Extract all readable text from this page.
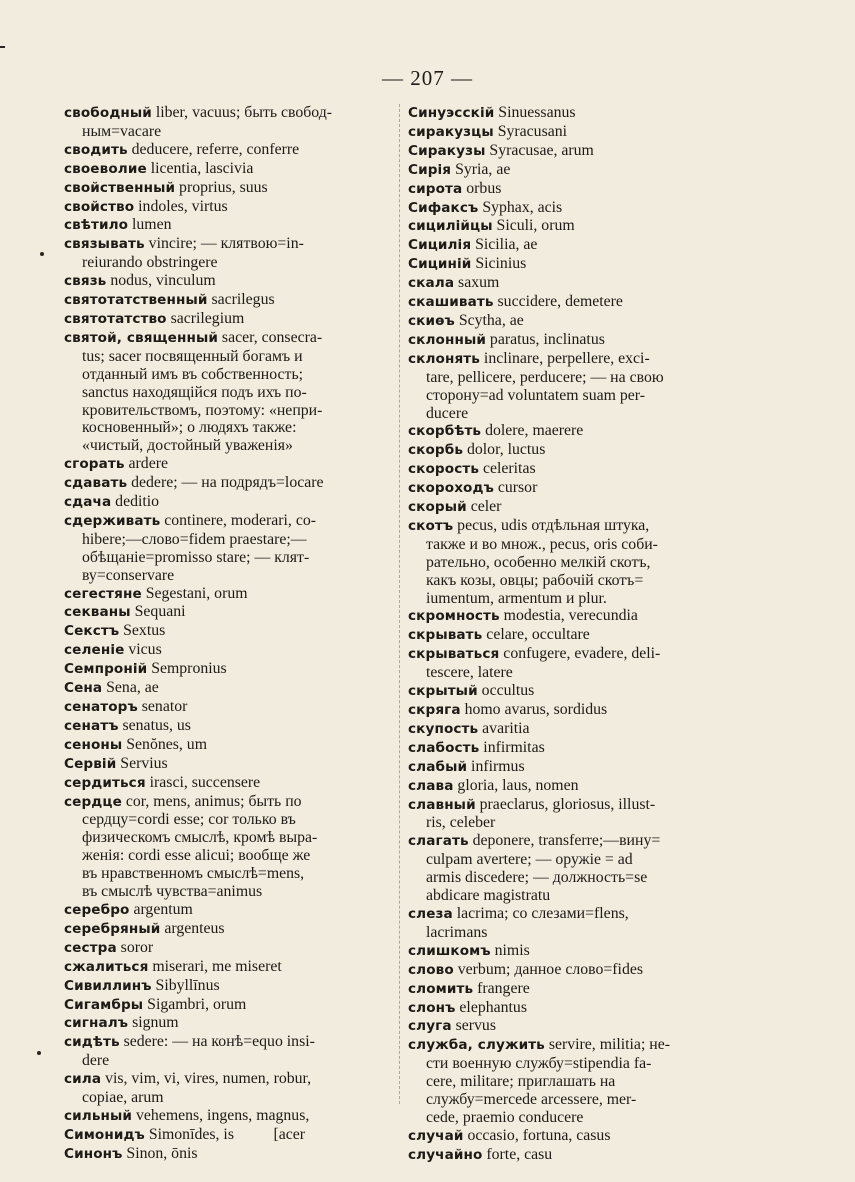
— 207 —
свободный liber, vacuus; быть свобод-
ным=vacare
сводить deducere, referre, conferre
своеволие licentia, lascivia
свойственный proprius, suus
свойство indoles, virtus
свѣтило lumen
связывать vincire; — клятвою=in-
reiurando obstringere
связь nodus, vinculum
святотатственный sacrilegus
святотатство sacrilegium
святой, священный sacer, consecra-
tus; sacer посвященный богамъ и
отданный имъ въ собственность;
sanctus находящійся подъ ихъ по-
кровительствомъ, поэтому: «непри-
косновенный»; о людяхъ также:
«чистый, достойный уваженія»
сгорать ardere
сдавать dedere; — на подрядъ=locare
сдача deditio
сдерживать continere, moderari, co-
hibere;—слово=fidem praestare;—
обѣщаніе=promisso stare; — клят-
ву=conservare
сегестяне Segestani, orum
секваны Sequani
Секстъ Sextus
селеніе vicus
Семпроній Sempronius
Сена Sena, ae
сенаторъ senator
сенатъ senatus, us
сеноны Senŏnes, um
Сервій Servius
сердиться irasci, succensere
сердце cor, mens, animus; быть по
сердцу=cordi esse; cor только въ
физическомъ смыслѣ, кромѣ выра-
женія: cordi esse alicui; вообще же
въ нравственномъ смыслѣ=mens,
въ смыслѣ чувства=animus
серебро argentum
серебряный argenteus
сестра soror
сжалиться miserari, me miseret
Сивиллинъ Sibyllīnus
Сигамбры Sigambri, orum
сигналъ signum
сидѣть sedere: — на конѣ=equo insi-
dere
сила vis, vim, vi, vires, numen, robur,
copiae, arum
сильный vehemens, ingens, magnus,
Симонидъ Simonīdes, is          [acer
Синонъ Sinon, ōnis
Синуэсскій Sinuessanus
сиракузцы Syracusani
Сиракузы Syracusae, arum
Сирія Syria, ae
сирота orbus
Сифаксъ Syphax, acis
сицилійцы Siculi, orum
Сицилія Sicilia, ae
Сициній Sicinius
скала saxum
скашивать succidere, demetere
скиѳъ Scytha, ae
склонный paratus, inclinatus
склонять inclinare, perpellere, exci-
tare, pellicere, perducere; — на свою
сторону=ad voluntatem suam per-
ducere
скорбѣть dolere, maerere
скорбь dolor, luctus
скорость celeritas
скороходъ cursor
скорый celer
скотъ pecus, udis отдѣльная штука,
также и во множ., pecus, oris соби-
рательно, особенно мелкій скотъ,
какъ козы, овцы; рабочій скотъ=
iumentum, armentum и plur.
скромность modestia, verecundia
скрывать celare, occultare
скрываться confugere, evadere, deli-
tescere, latere
скрытый occultus
скряга homo avarus, sordidus
скупость avaritia
слабость infirmitas
слабый infirmus
слава gloria, laus, nomen
славный praeclarus, gloriosus, illust-
ris, celeber
слагать deponere, transferre;—вину=
culpam avertere; — оружіе = ad
armis discedere; — должность=se
abdicare magistratu
слеза lacrima; со слезами=flens,
lacrimans
слишкомъ nimis
слово verbum; данное слово=fides
сломить frangere
слонъ elephantus
слуга servus
служба, служить servire, militia; не-
сти военную службу=stipendia fa-
cere, militare; приглашать на
службу=mercede arcessere, mer-
cede, praemio conducere
случай occasio, fortuna, casus
случайно forte, casu
